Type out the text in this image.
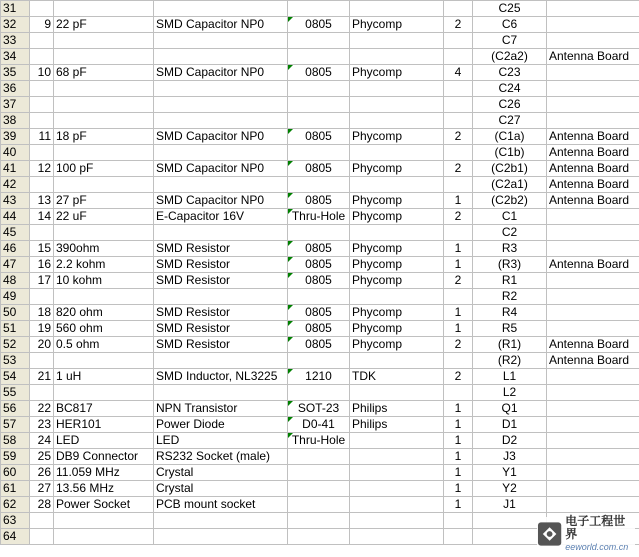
31							C25	
32	9	22 pF	SMD Capacitor NP0	0805	Phycomp	2	C6	
33							C7	
34							(C2a2)	Antenna Board
35	10	68 pF	SMD Capacitor NP0	0805	Phycomp	4	C23	
36							C24	
37							C26	
38							C27	
39	11	18 pF	SMD Capacitor NP0	0805	Phycomp	2	(C1a)	Antenna Board
40							(C1b)	Antenna Board
41	12	100 pF	SMD Capacitor NP0	0805	Phycomp	2	(C2b1)	Antenna Board
42							(C2a1)	Antenna Board
43	13	27 pF	SMD Capacitor NP0	0805	Phycomp	1	(C2b2)	Antenna Board
44	14	22 uF	E-Capacitor 16V	Thru-Hole	Phycomp	2	C1	
45							C2	
46	15	390ohm	SMD Resistor	0805	Phycomp	1	R3	
47	16	2.2 kohm	SMD Resistor	0805	Phycomp	1	(R3)	Antenna Board
48	17	10 kohm	SMD Resistor	0805	Phycomp	2	R1	
49							R2	
50	18	820 ohm	SMD Resistor	0805	Phycomp	1	R4	
51	19	560 ohm	SMD Resistor	0805	Phycomp	1	R5	
52	20	0.5 ohm	SMD Resistor	0805	Phycomp	2	(R1)	Antenna Board
53							(R2)	Antenna Board
54	21	1 uH	SMD Inductor, NL3225	1210	TDK	2	L1	
55							L2	
56	22	BC817	NPN Transistor	SOT-23	Philips	1	Q1	
57	23	HER101	Power Diode	D0-41	Philips	1	D1	
58	24	LED	LED	Thru-Hole		1	D2	
59	25	DB9 Connector	RS232 Socket (male)			1	J3	
60	26	11.059 MHz	Crystal			1	Y1	
61	27	13.56 MHz	Crystal			1	Y2	
62	28	Power Socket	PCB mount socket			1	J1	
63								
64								
电子工程世界
eeworld.com.cn
